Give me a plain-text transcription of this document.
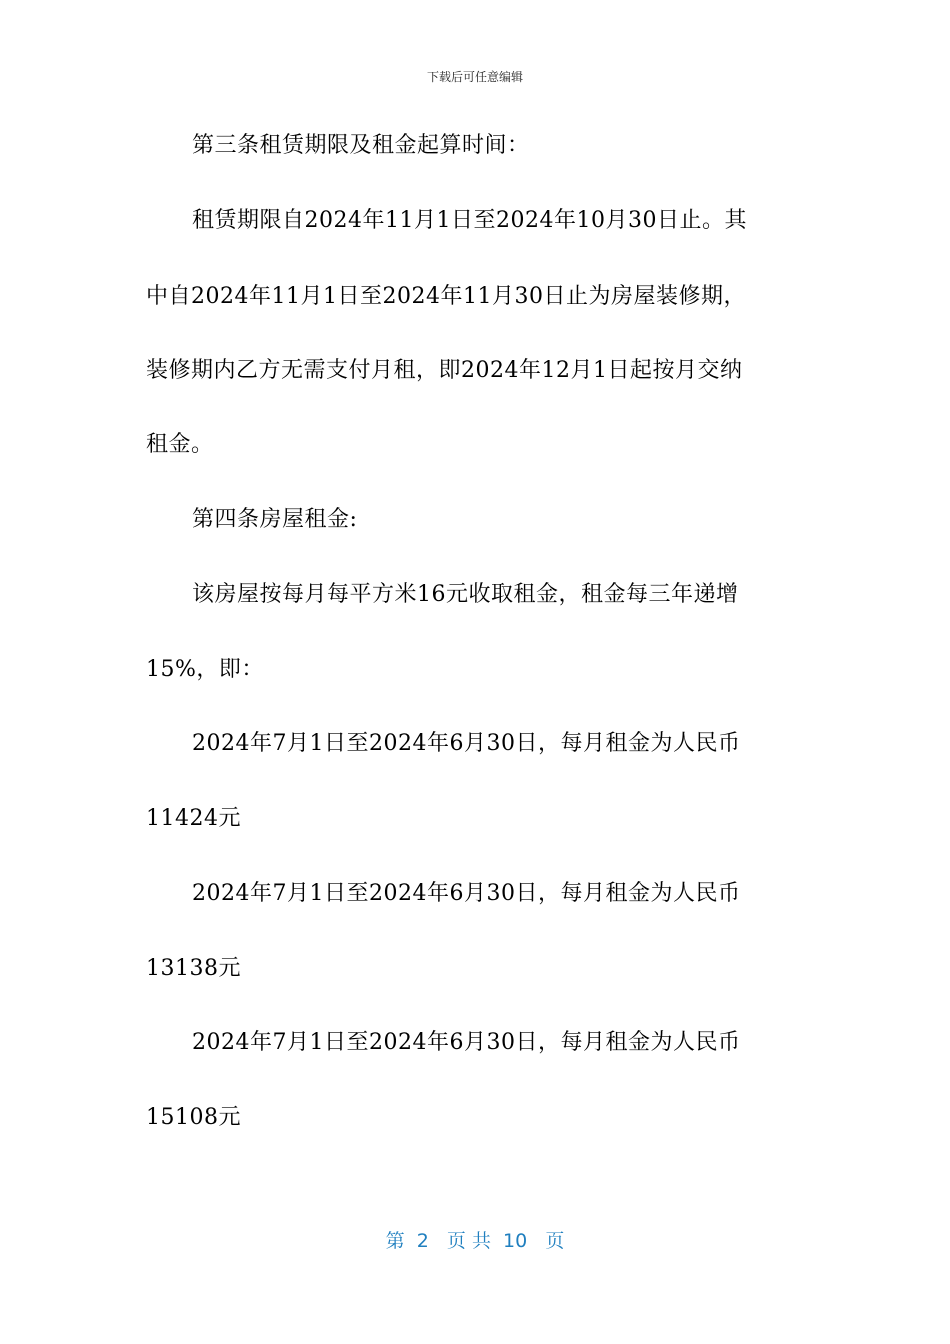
下载后可任意编辑
第三条租赁期限及租金起算时间：
租赁期限自2024年11月1日至2024年10月30日止。其
中自2024年11月1日至2024年11月30日止为房屋装修期，
装修期内乙方无需支付月租，即2024年12月1日起按月交纳
租金。
第四条房屋租金:
该房屋按每月每平方米16元收取租金，租金每三年递增
15%，即：
2024年7月1日至2024年6月30日，每月租金为人民币
11424元
2024年7月1日至2024年6月30日，每月租金为人民币
13138元
2024年7月1日至2024年6月30日，每月租金为人民币
15108元
第  2   页 共  10   页
